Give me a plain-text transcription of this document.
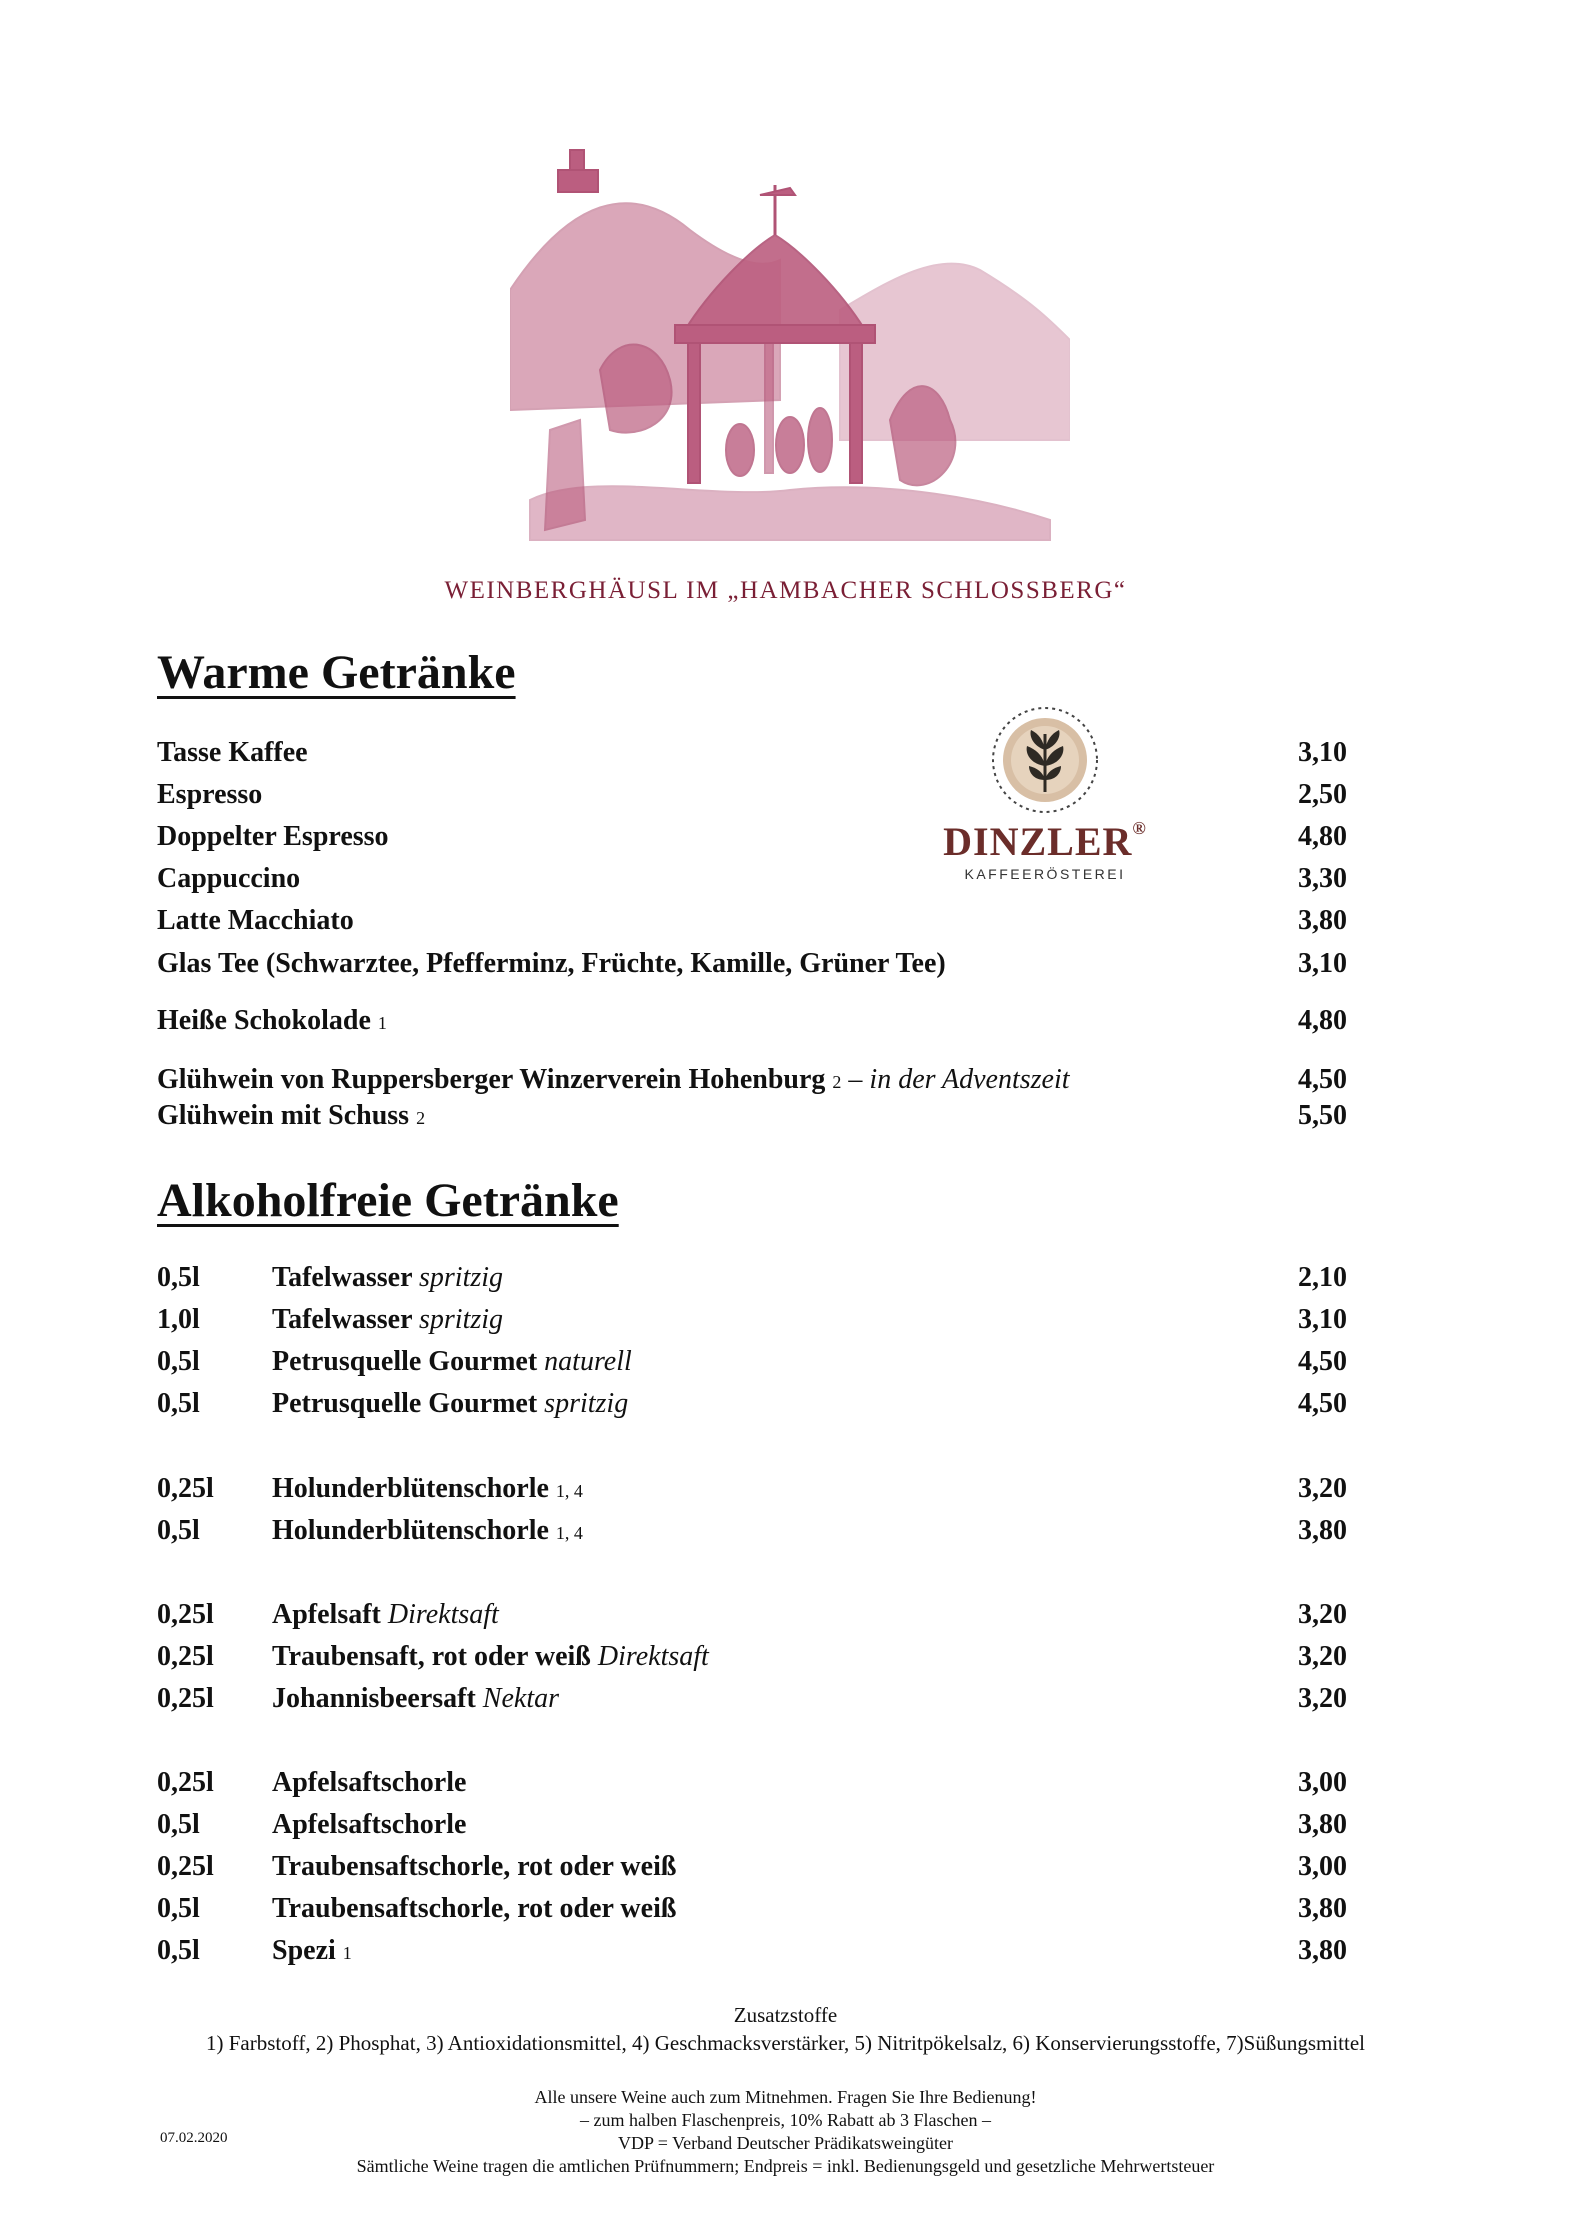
WEINBERGHÄUSL IM „HAMBACHER SCHLOSSBERG“
Warme Getränke
DINZLER®
KAFFEERÖSTEREI
Tasse Kaffee	3,10
Espresso	2,50
Doppelter Espresso	4,80
Cappuccino	3,30
Latte Macchiato	3,80
Glas Tee (Schwarztee, Pfefferminz, Früchte, Kamille, Grüner Tee)	3,10
Heiße Schokolade 1	4,80
Glühwein von Ruppersberger Winzerverein Hohenburg 2 – in der Adventszeit	4,50
Glühwein mit Schuss 2	5,50
Alkoholfreie Getränke
0,5l	Tafelwasser spritzig	2,10
1,0l	Tafelwasser spritzig	3,10
0,5l	Petrusquelle Gourmet naturell	4,50
0,5l	Petrusquelle Gourmet spritzig	4,50
0,25l Holunderblütenschorle 1, 4	3,20
0,5l	Holunderblütenschorle 1, 4	3,80
0,25l Apfelsaft Direktsaft	3,20
0,25l Traubensaft, rot oder weiß Direktsaft	3,20
0,25l Johannisbeersaft Nektar	3,20
0,25l Apfelsaftschorle	3,00
0,5l	Apfelsaftschorle	3,80
0,25l Traubensaftschorle, rot oder weiß	3,00
0,5l	Traubensaftschorle, rot oder weiß	3,80
0,5l	Spezi 1	3,80
Zusatzstoffe
1) Farbstoff, 2) Phosphat, 3) Antioxidationsmittel, 4) Geschmacksverstärker, 5) Nitritpökelsalz, 6) Konservierungsstoffe, 7)Süßungsmittel
Alle unsere Weine auch zum Mitnehmen. Fragen Sie Ihre Bedienung!
– zum halben Flaschenpreis, 10% Rabatt ab 3 Flaschen –
VDP = Verband Deutscher Prädikatsweingüter
Sämtliche Weine tragen die amtlichen Prüfnummern; Endpreis = inkl. Bedienungsgeld und gesetzliche Mehrwertsteuer
07.02.2020
